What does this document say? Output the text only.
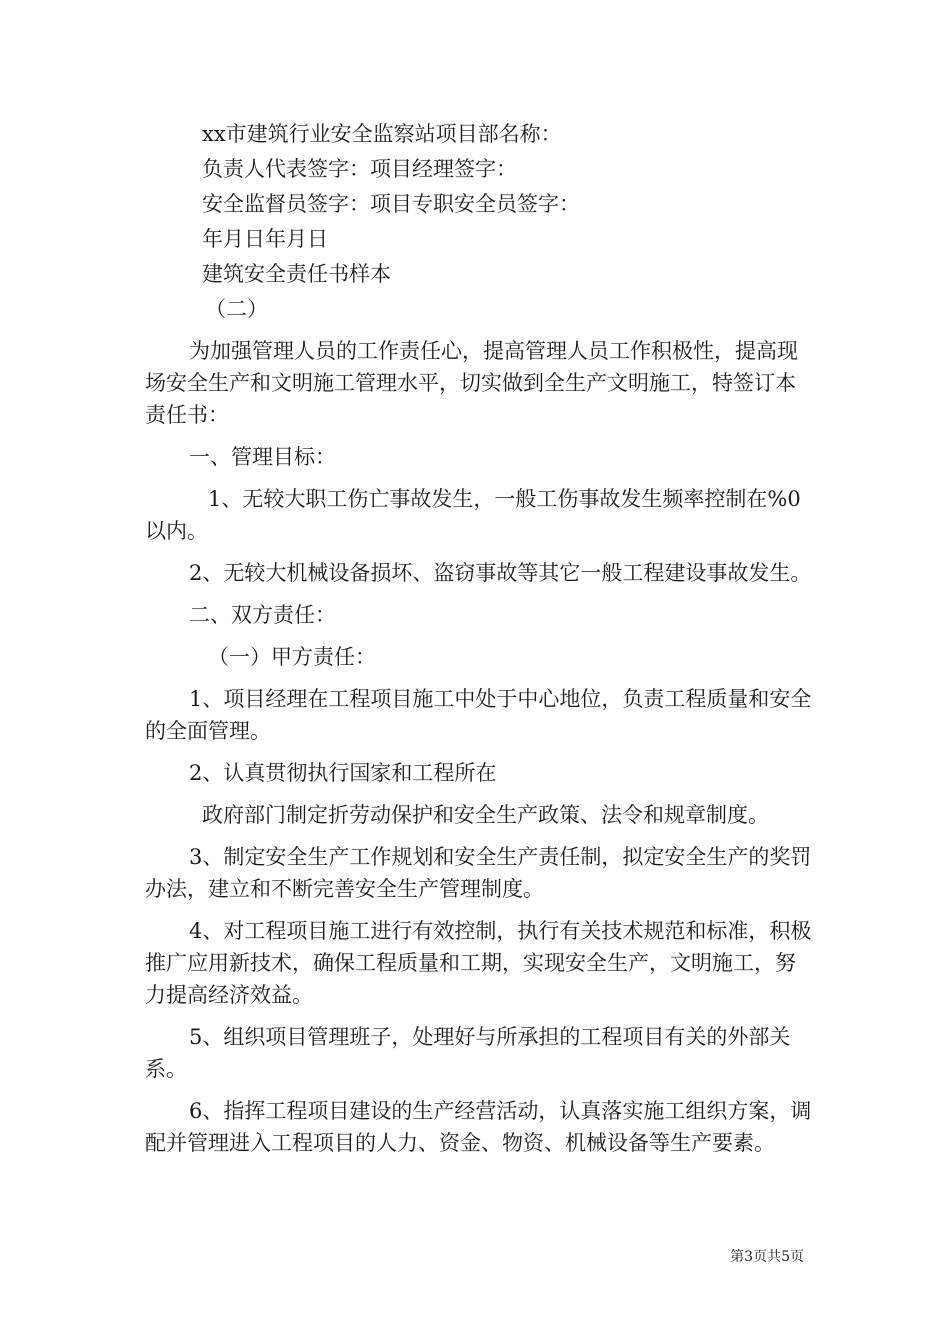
xx市建筑行业安全监察站项目部名称：

负责人代表签字：项目经理签字：

安全监督员签字：项目专职安全员签字：

年月日年月日

建筑安全责任书样本

（二）

为加强管理人员的工作责任心，提高管理人员工作积极性，提高现场安全生产和文明施工管理水平，切实做到全生产文明施工，特签订本责任书：

一、管理目标：

1、无较大职工伤亡事故发生，一般工伤事故发生频率控制在%0以内。

2、无较大机械设备损坏、盗窃事故等其它一般工程建设事故发生。

二、双方责任：

（一）甲方责任：

1、项目经理在工程项目施工中处于中心地位，负责工程质量和安全的全面管理。

2、认真贯彻执行国家和工程所在

政府部门制定折劳动保护和安全生产政策、法令和规章制度。

3、制定安全生产工作规划和安全生产责任制，拟定安全生产的奖罚办法，建立和不断完善安全生产管理制度。

4、对工程项目施工进行有效控制，执行有关技术规范和标准，积极推广应用新技术，确保工程质量和工期，实现安全生产，文明施工，努力提高经济效益。

5、组织项目管理班子，处理好与所承担的工程项目有关的外部关系。

6、指挥工程项目建设的生产经营活动，认真落实施工组织方案，调配并管理进入工程项目的人力、资金、物资、机械设备等生产要素。

第3页共5页
